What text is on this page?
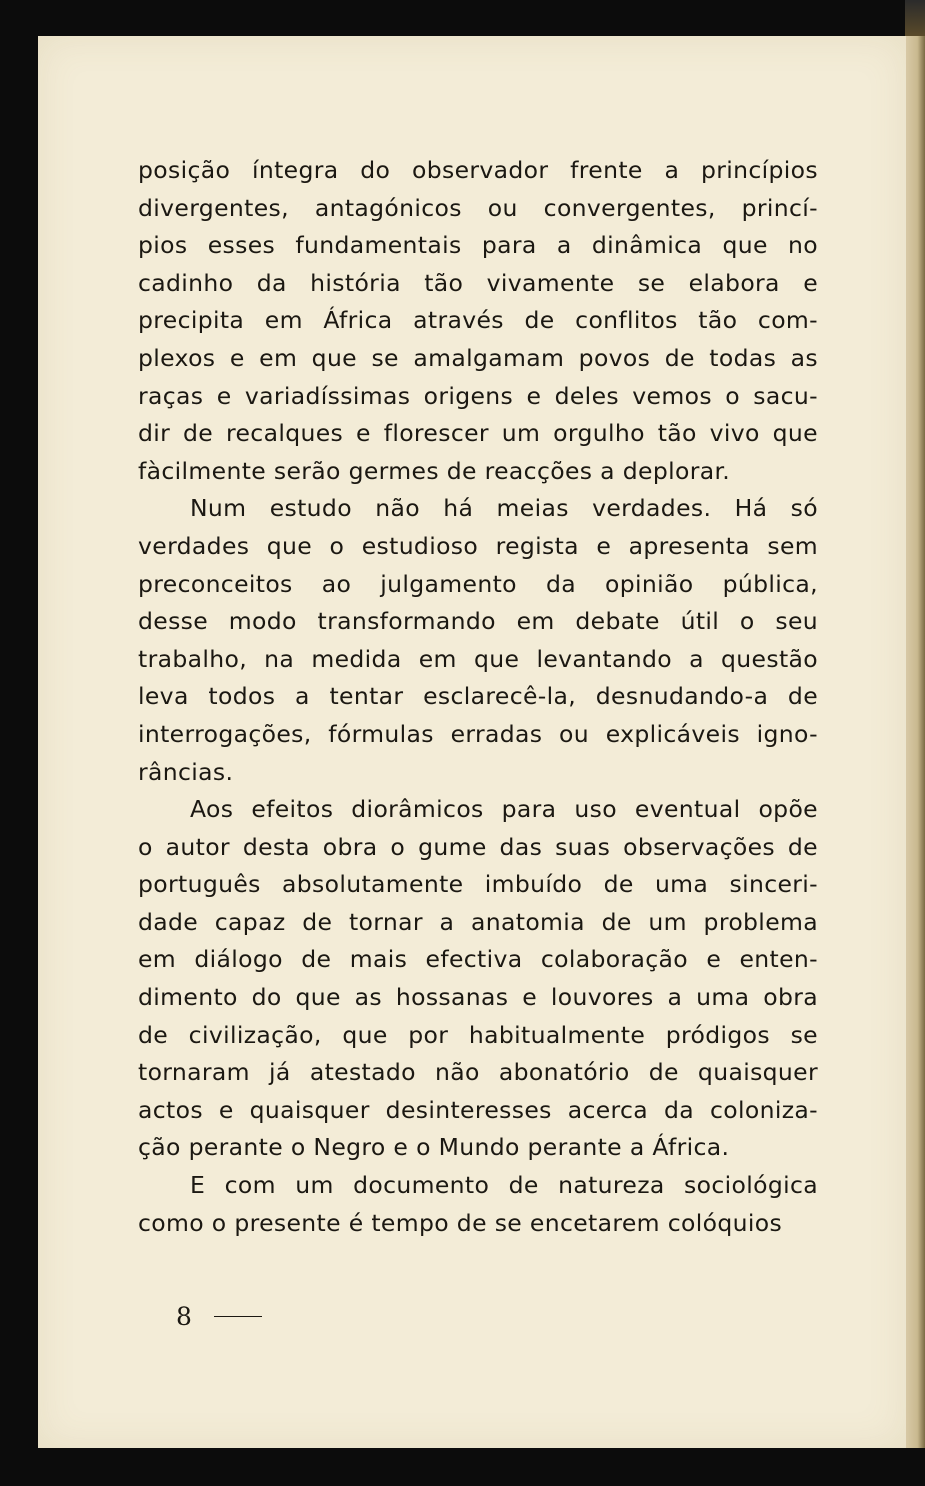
posição íntegra do observador frente a princípios
divergentes, antagónicos ou convergentes, princí-
pios esses fundamentais para a dinâmica que no
cadinho da história tão vivamente se elabora e
precipita em África através de conflitos tão com-
plexos e em que se amalgamam povos de todas as
raças e variadíssimas origens e deles vemos o sacu-
dir de recalques e florescer um orgulho tão vivo que
fàcilmente serão germes de reacções a deplorar.
Num estudo não há meias verdades. Há só
verdades que o estudioso regista e apresenta sem
preconceitos ao julgamento da opinião pública,
desse modo transformando em debate útil o seu
trabalho, na medida em que levantando a questão
leva todos a tentar esclarecê-la, desnudando-a de
interrogações, fórmulas erradas ou explicáveis igno-
râncias.
Aos efeitos diorâmicos para uso eventual opõe
o autor desta obra o gume das suas observações de
português absolutamente imbuído de uma sinceri-
dade capaz de tornar a anatomia de um problema
em diálogo de mais efectiva colaboração e enten-
dimento do que as hossanas e louvores a uma obra
de civilização, que por habitualmente pródigos se
tornaram já atestado não abonatório de quaisquer
actos e quaisquer desinteresses acerca da coloniza-
ção perante o Negro e o Mundo perante a África.
E com um documento de natureza sociológica
como o presente é tempo de se encetarem colóquios
8
